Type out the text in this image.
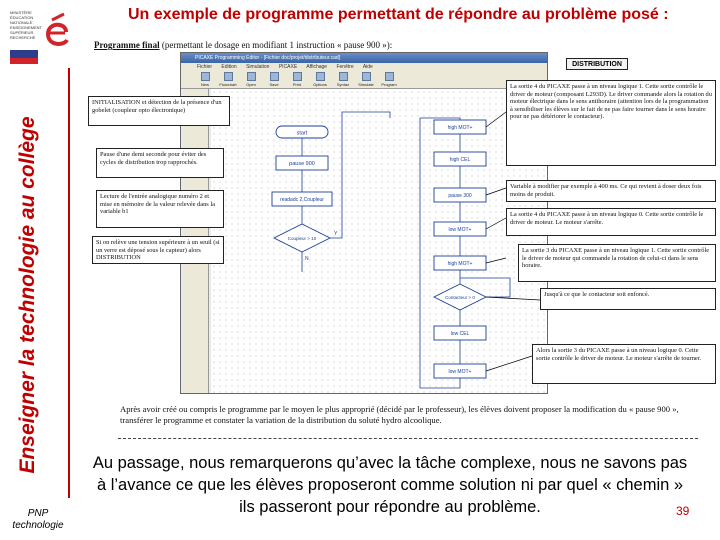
MINISTÈRE ÉDUCATION NATIONALE ENSEIGNEMENT SUPÉRIEUR RECHERCHE
Enseigner la technologie au collège
PNP
technologie
Un exemple de programme permettant de répondre au problème posé :
Programme final (permettant le dosage en modifiant 1 instruction « pause 900 »):
PICAXE Programming Editor - [Fichier doc/projet/distributeur.cad]
Fichier Edition Simulation PICAXE Affichage Fenêtre Aide
New	Flowchart Open	Save	Print	Options Syntax Simulate Program
start
pause 900
readadc 2,Coupleur
Coupleur > 10
Y
N
high MOT+
high CEL
pause 300
low MOT+
high MOT+
Contacteur > 0
low CEL
low MOT+
DISTRIBUTION
INITIALISATION et détection de la présence d'un gobelet (coupleur opto électronique)
Pause d'une demi seconde pour éviter des cycles de distribution trop rapprochés.
Lecture de l'entrée analogique numéro 2 et mise en mémoire de la valeur relevée dans la variable b1
Si on relève une tension supérieure à un seuil (si un verre est déposé sous le capteur) alors DISTRIBUTION
La sortie 4 du PICAXE passe à un niveau logique 1. Cette sortie contrôle le driver de moteur (composant L293D). Le driver commande alors la rotation du moteur électrique dans le sens antihoraire (attention lors de la programmation à sensibiliser les élèves sur le fait de ne pas faire tourner dans le sens horaire pour ne pas détériorer le contacteur).
Variable à modifier par exemple à 400 ms. Ce qui revient à doser deux fois moins de produit.
La sortie 4 du PICAXE passe à un niveau logique 0. Cette sortie contrôle le driver de moteur. Le moteur s'arrête.
La sortie 3 du PICAXE passe à un niveau logique 1. Cette sortie contrôle le driver de moteur qui commande la rotation de celui-ci dans le sens horaire.
Jusqu'à ce que le contacteur soit enfoncé.
Alors la sortie 3 du PICAXE passe à un niveau logique 0. Cette sortie contrôle le driver de moteur. Le moteur s'arrête de tourner.
Après avoir créé ou compris le programme par le moyen le plus approprié (décidé par le professeur), les élèves doivent proposer la modification du « pause 900 », transférer le programme et constater la variation de la distribution du soluté hydro alcoolique.
Au passage, nous remarquerons qu’avec la tâche complexe, nous ne savons pas à l’avance ce que les élèves proposeront comme solution ni par quel « chemin » ils passeront pour répondre au problème.	39
